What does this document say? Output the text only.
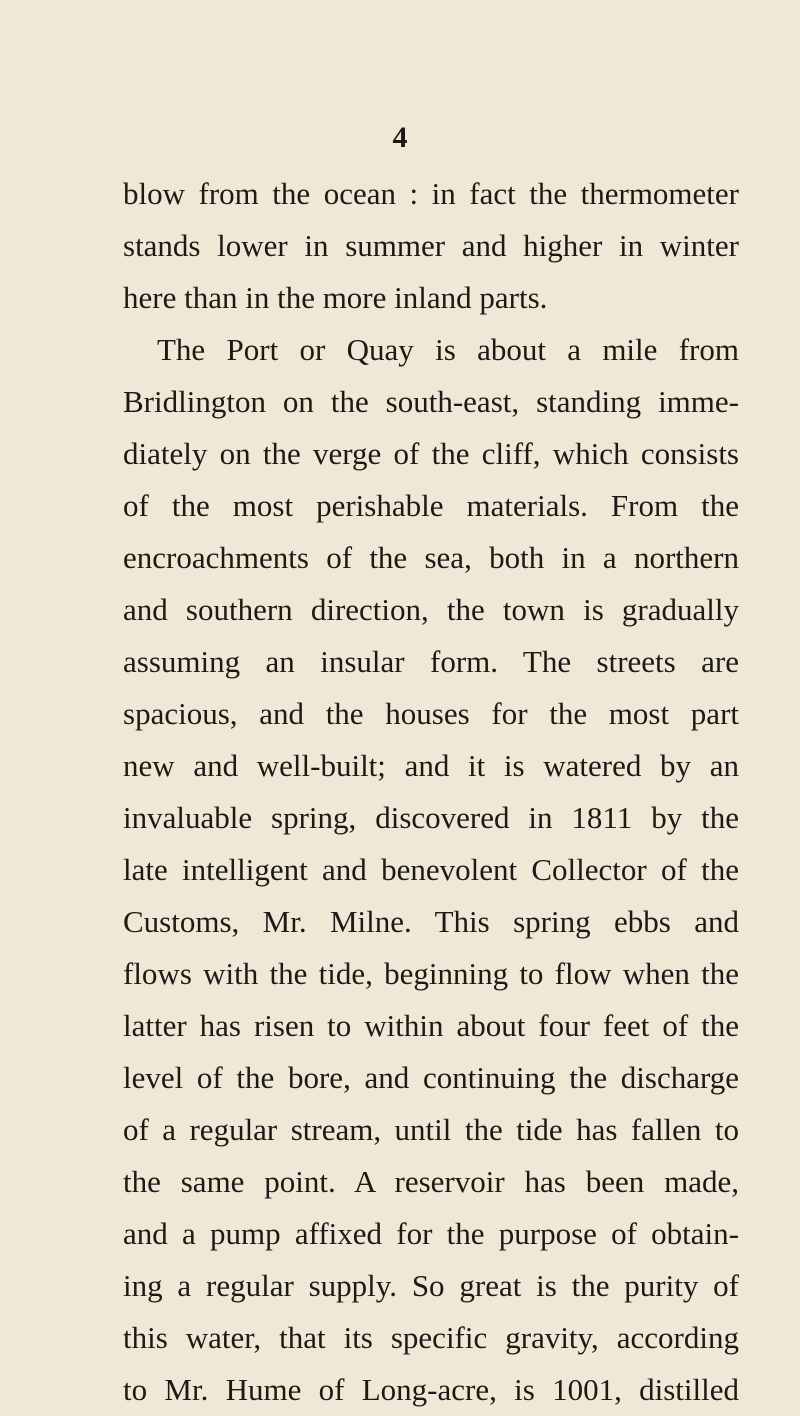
4
blow from the ocean : in fact the thermometer
stands lower in summer and higher in winter
here than in the more inland parts.
The Port or Quay is about a mile from
Bridlington on the south-east, standing imme-
diately on the verge of the cliff, which consists
of the most perishable materials. From the
encroachments of the sea, both in a northern
and southern direction, the town is gradually
assuming an insular form. The streets are
spacious, and the houses for the most part
new and well-built; and it is watered by an
invaluable spring, discovered in 1811 by the
late intelligent and benevolent Collector of the
Customs, Mr. Milne. This spring ebbs and
flows with the tide, beginning to flow when the
latter has risen to within about four feet of the
level of the bore, and continuing the discharge
of a regular stream, until the tide has fallen to
the same point. A reservoir has been made,
and a pump affixed for the purpose of obtain-
ing a regular supply. So great is the purity of
this water, that its specific gravity, according
to Mr. Hume of Long-acre, is 1001, distilled
